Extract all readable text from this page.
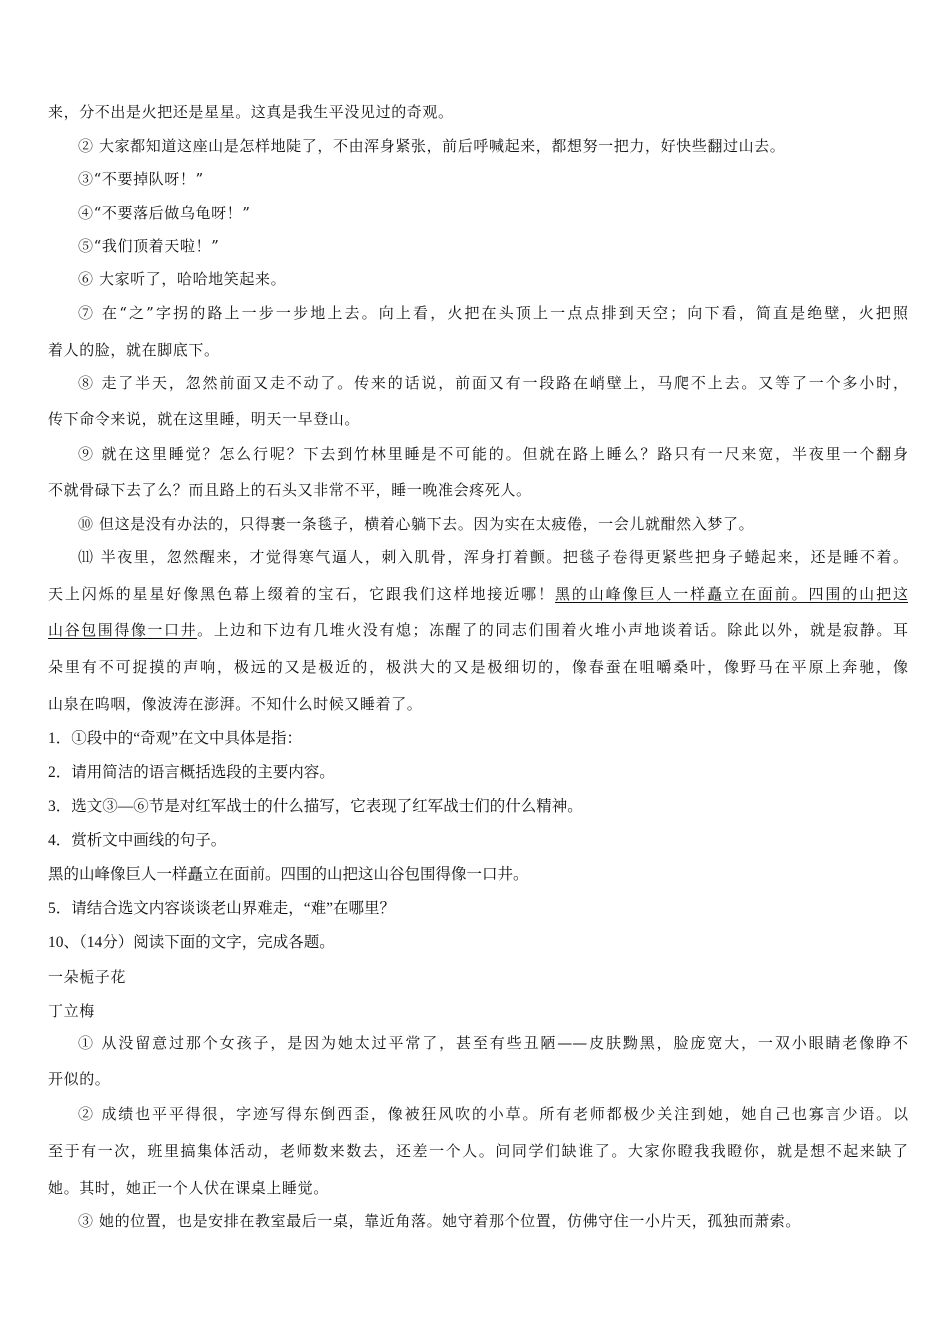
来，分不出是火把还是星星。这真是我生平没见过的奇观。
② 大家都知道这座山是怎样地陡了，不由浑身紧张，前后呼喊起来，都想努一把力，好快些翻过山去。
③“不要掉队呀！”
④“不要落后做乌龟呀！”
⑤“我们顶着天啦！”
⑥ 大家听了，哈哈地笑起来。
⑦ 在“之”字拐的路上一步一步地上去。向上看，火把在头顶上一点点排到天空；向下看，简直是绝壁，火把照
着人的脸，就在脚底下。
⑧ 走了半天，忽然前面又走不动了。传来的话说，前面又有一段路在峭壁上，马爬不上去。又等了一个多小时，
传下命令来说，就在这里睡，明天一早登山。
⑨ 就在这里睡觉？怎么行呢？下去到竹林里睡是不可能的。但就在路上睡么？路只有一尺来宽，半夜里一个翻身
不就骨碌下去了么？而且路上的石头又非常不平，睡一晚准会疼死人。
⑩ 但这是没有办法的，只得裹一条毯子，横着心躺下去。因为实在太疲倦，一会儿就酣然入梦了。
⑾ 半夜里，忽然醒来，才觉得寒气逼人，刺入肌骨，浑身打着颤。把毯子卷得更紧些把身子蜷起来，还是睡不着。
天上闪烁的星星好像黑色幕上缀着的宝石，它跟我们这样地接近哪！黑的山峰像巨人一样矗立在面前。四围的山把这
山谷包围得像一口井。上边和下边有几堆火没有熄；冻醒了的同志们围着火堆小声地谈着话。除此以外，就是寂静。耳
朵里有不可捉摸的声响，极远的又是极近的，极洪大的又是极细切的，像春蚕在咀嚼桑叶，像野马在平原上奔驰，像
山泉在呜咽，像波涛在澎湃。不知什么时候又睡着了。
1．①段中的“奇观”在文中具体是指：
2．请用简洁的语言概括选段的主要内容。
3．选文③—⑥节是对红军战士的什么描写，它表现了红军战士们的什么精神。
4．赏析文中画线的句子。
黑的山峰像巨人一样矗立在面前。四围的山把这山谷包围得像一口井。
5．请结合选文内容谈谈老山界难走，“难”在哪里？
10、（14分）阅读下面的文字，完成各题。
一朵栀子花
丁立梅
① 从没留意过那个女孩子，是因为她太过平常了，甚至有些丑陋——皮肤黝黑，脸庞宽大，一双小眼睛老像睁不
开似的。
② 成绩也平平得很，字迹写得东倒西歪，像被狂风吹的小草。所有老师都极少关注到她，她自己也寡言少语。以
至于有一次，班里搞集体活动，老师数来数去，还差一个人。问同学们缺谁了。大家你瞪我我瞪你，就是想不起来缺了
她。其时，她正一个人伏在课桌上睡觉。
③ 她的位置，也是安排在教室最后一桌，靠近角落。她守着那个位置，仿佛守住一小片天，孤独而萧索。
